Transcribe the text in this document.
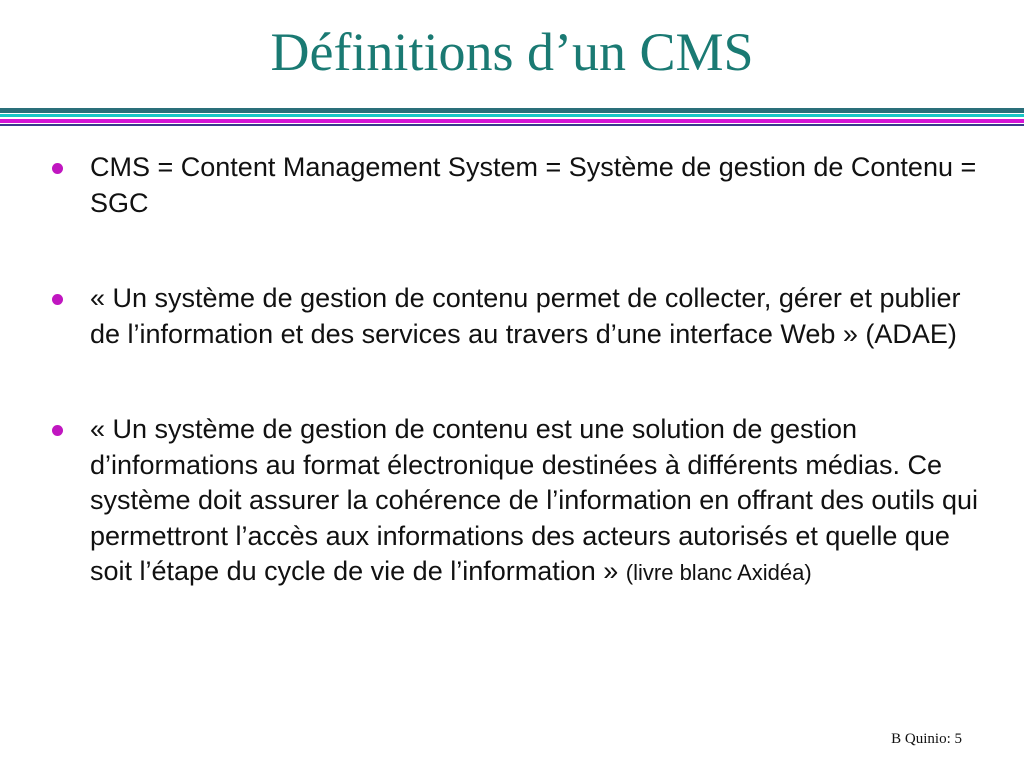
Définitions d’un CMS
CMS = Content Management System = Système de gestion de Contenu = SGC
« Un système de gestion de contenu permet de collecter, gérer et publier de l’information et des services au travers d’une interface Web » (ADAE)
« Un système de gestion de contenu est une solution de gestion d’informations au format électronique destinées à différents médias. Ce système doit assurer la cohérence de l’information en offrant des outils qui permettront l’accès aux informations des acteurs autorisés et quelle que soit l’étape du cycle de vie de l’information » (livre blanc Axidéa)
B Quinio: 5
